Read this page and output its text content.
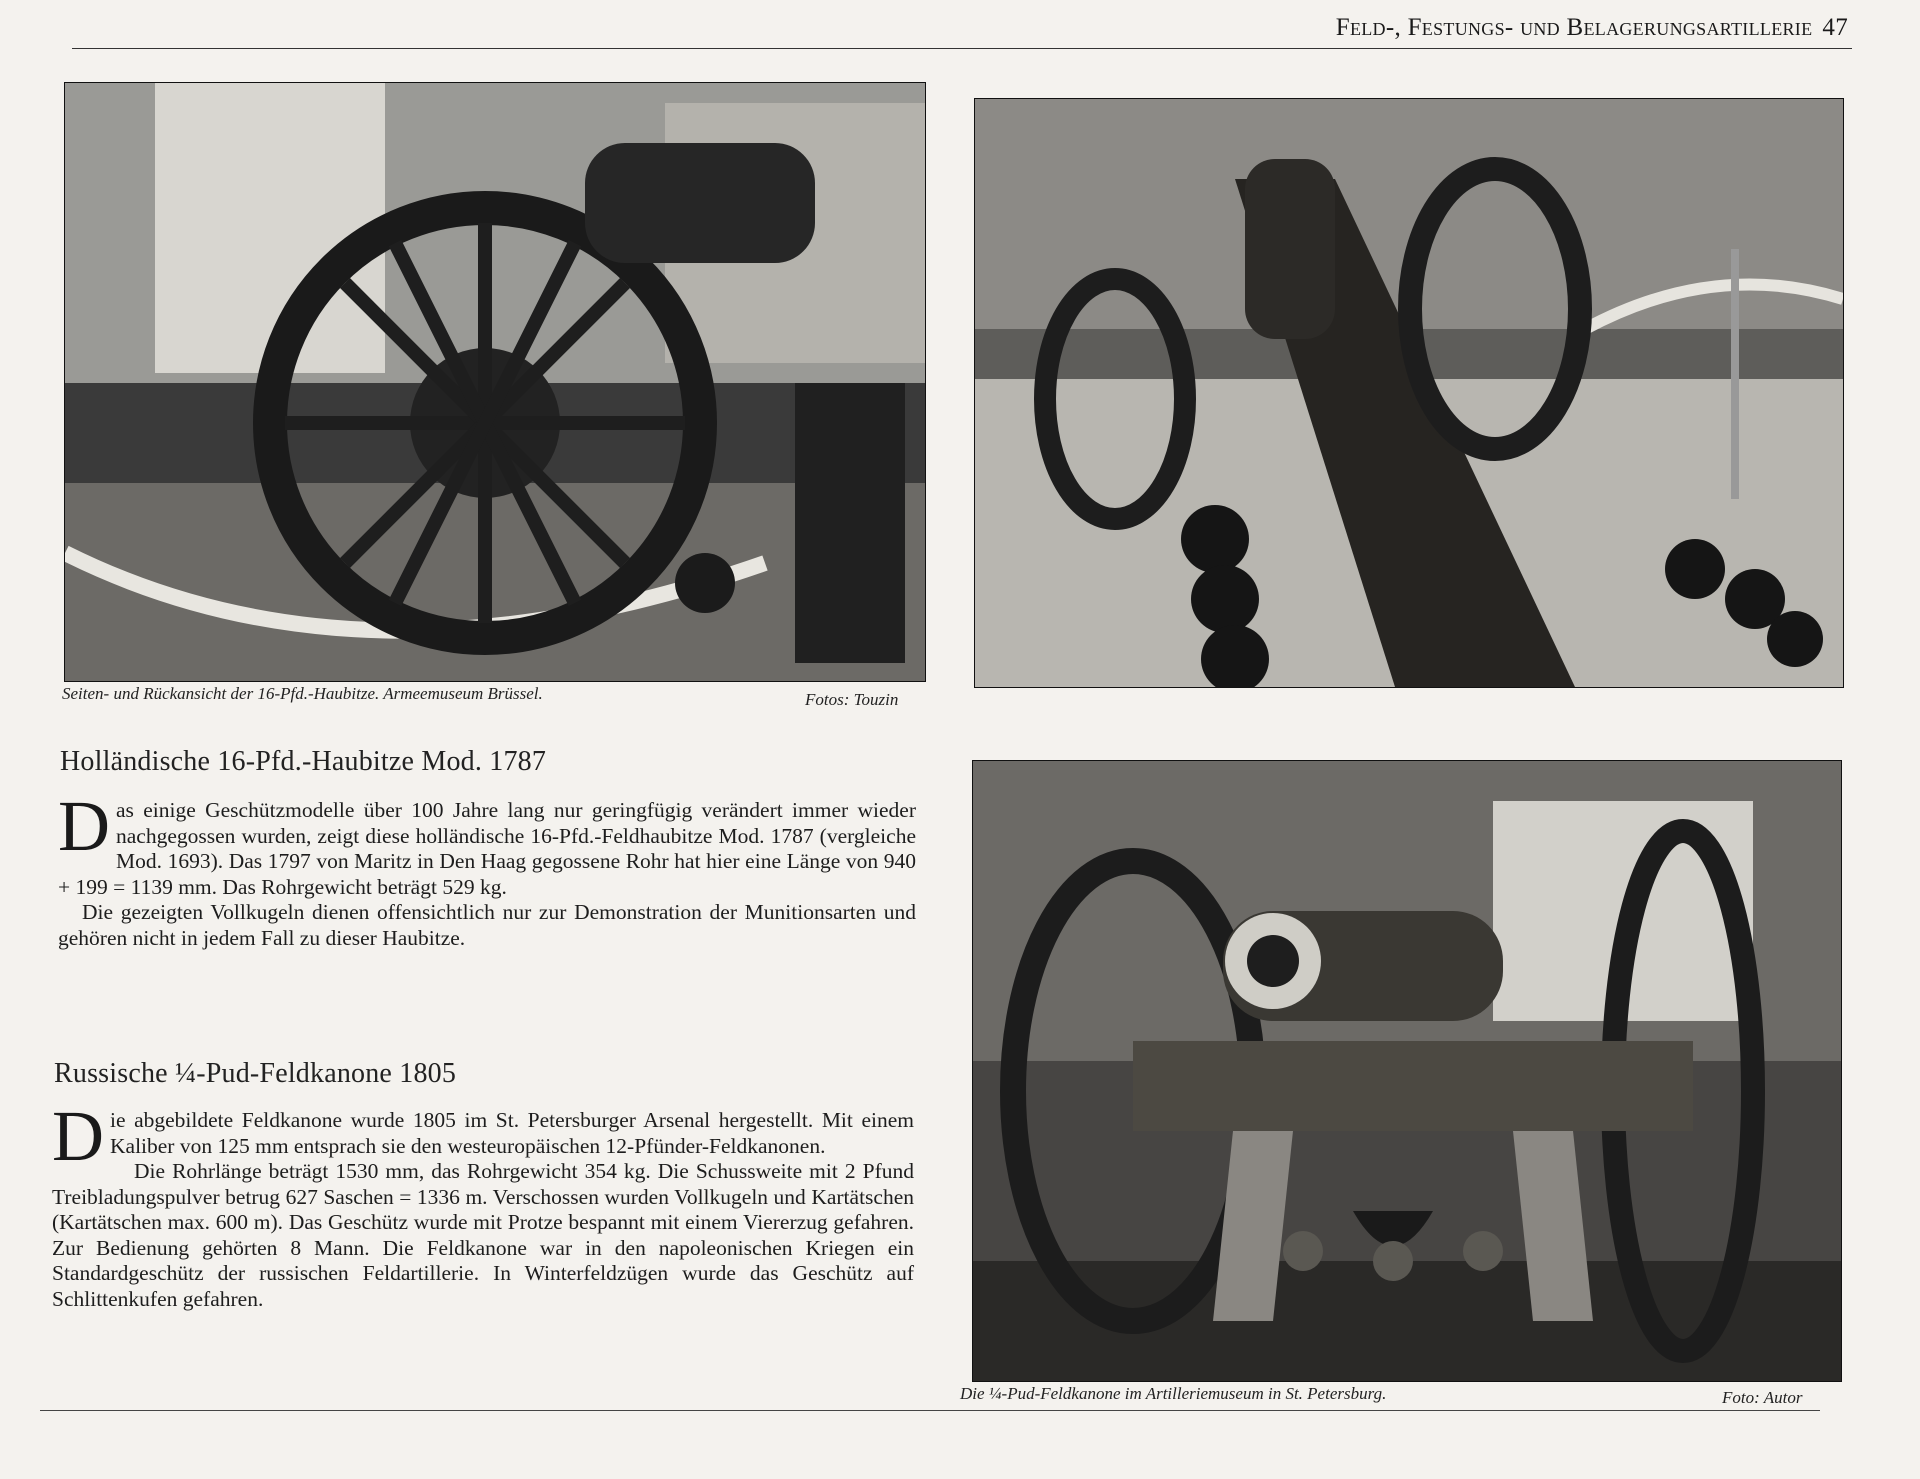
Feld-, Festungs- und Belagerungsartillerie 47
Seiten- und Rückansicht der 16-Pfd.-Haubitze. Armeemuseum Brüssel.	Fotos: Touzin
Holländische 16-Pfd.-Haubitze Mod. 1787

Das einige Geschützmodelle über 100 Jahre lang nur geringfügig verändert immer wieder nachgegossen wurden, zeigt diese holländische 16-Pfd.-Feldhaubitze Mod. 1787 (vergleiche Mod. 1693). Das 1797 von Maritz in Den Haag gegossene Rohr hat hier eine Länge von 940 + 199 = 1139 mm. Das Rohrgewicht beträgt 529 kg.

Die gezeigten Vollkugeln dienen offensichtlich nur zur Demonstration der Munitionsarten und gehören nicht in jedem Fall zu dieser Haubitze.

Die ¼-Pud-Feldkanone im Artilleriemuseum in St. Petersburg.	Foto: Autor
Russische ¼-Pud-Feldkanone 1805

Die abgebildete Feldkanone wurde 1805 im St. Petersburger Arsenal hergestellt. Mit einem Kaliber von 125 mm entsprach sie den westeuropäischen 12-Pfünder-Feldkanonen.

Die Rohrlänge beträgt 1530 mm, das Rohrgewicht 354 kg. Die Schussweite mit 2 Pfund Treibladungspulver betrug 627 Saschen = 1336 m. Verschossen wurden Vollkugeln und Kartätschen (Kartätschen max. 600 m). Das Geschütz wurde mit Protze bespannt mit einem Viererzug gefahren. Zur Bedienung gehörten 8 Mann. Die Feldkanone war in den napoleonischen Kriegen ein Standardgeschütz der russischen Feldartillerie. In Winterfeldzügen wurde das Geschütz auf Schlittenkufen gefahren.
